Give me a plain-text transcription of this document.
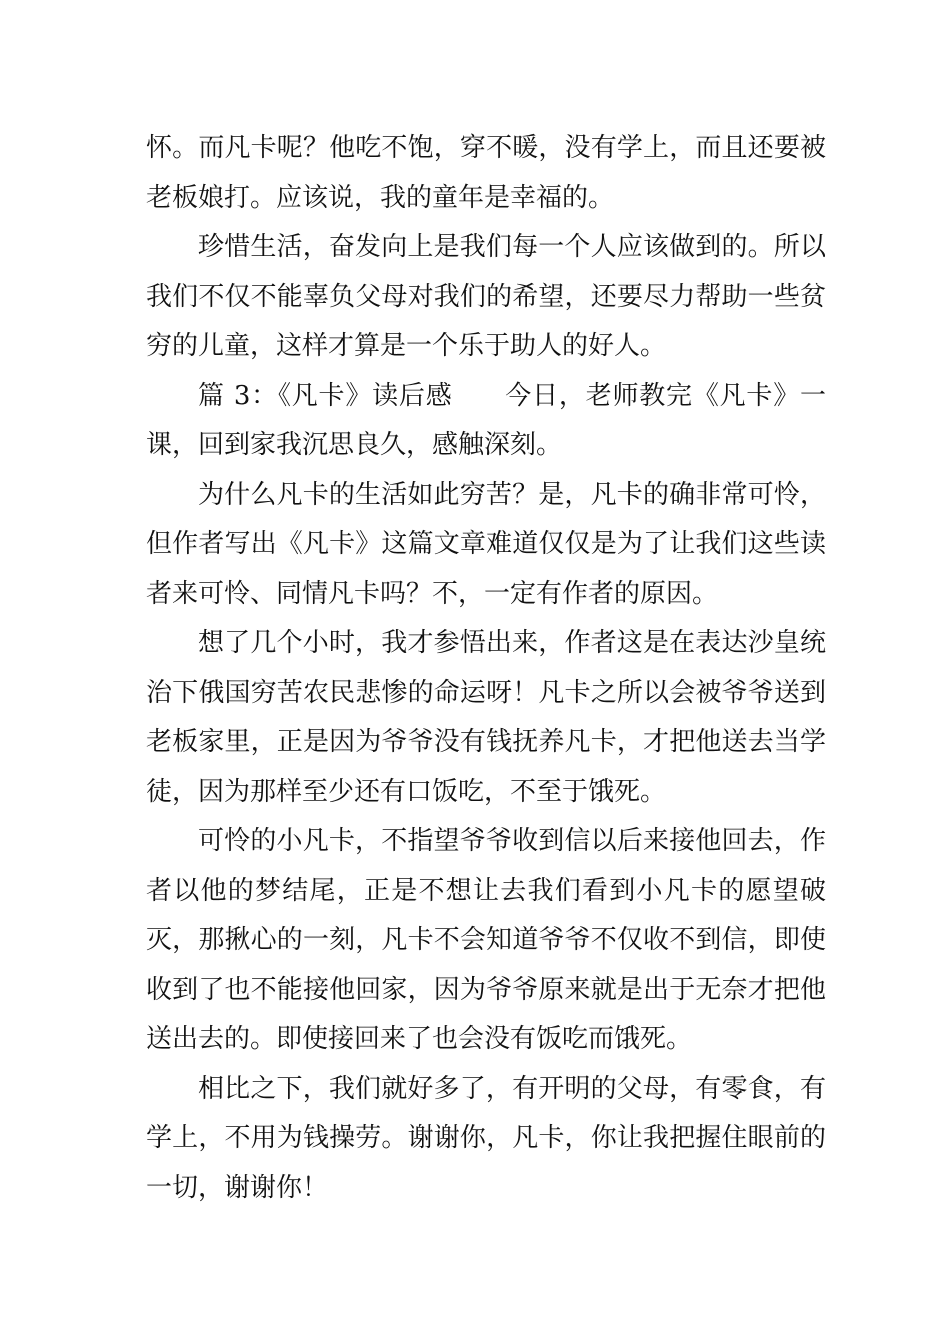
怀。而凡卡呢？他吃不饱，穿不暖，没有学上，而且还要被老板娘打。应该说，我的童年是幸福的。

珍惜生活，奋发向上是我们每一个人应该做到的。所以我们不仅不能辜负父母对我们的希望，还要尽力帮助一些贫穷的儿童，这样才算是一个乐于助人的好人。

篇 3：《凡卡》读后感 今日，老师教完《凡卡》一课，回到家我沉思良久，感触深刻。

为什么凡卡的生活如此穷苦？是，凡卡的确非常可怜，但作者写出《凡卡》这篇文章难道仅仅是为了让我们这些读者来可怜、同情凡卡吗？不，一定有作者的原因。

想了几个小时，我才参悟出来，作者这是在表达沙皇统治下俄国穷苦农民悲惨的命运呀！凡卡之所以会被爷爷送到老板家里，正是因为爷爷没有钱抚养凡卡，才把他送去当学徒，因为那样至少还有口饭吃，不至于饿死。

可怜的小凡卡，不指望爷爷收到信以后来接他回去，作者以他的梦结尾，正是不想让去我们看到小凡卡的愿望破灭，那揪心的一刻，凡卡不会知道爷爷不仅收不到信，即使收到了也不能接他回家，因为爷爷原来就是出于无奈才把他送出去的。即使接回来了也会没有饭吃而饿死。

相比之下，我们就好多了，有开明的父母，有零食，有学上，不用为钱操劳。谢谢你，凡卡，你让我把握住眼前的一切，谢谢你！
